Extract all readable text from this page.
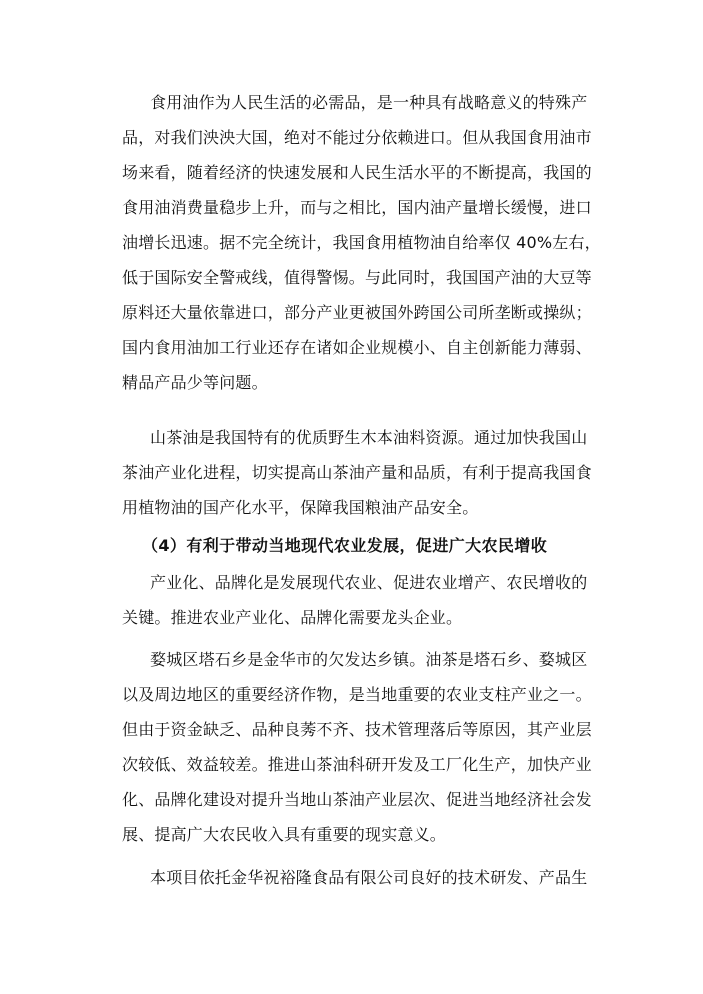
食用油作为人民生活的必需品，是一种具有战略意义的特殊产
品，对我们泱泱大国，绝对不能过分依赖进口。但从我国食用油市
场来看，随着经济的快速发展和人民生活水平的不断提高，我国的
食用油消费量稳步上升，而与之相比，国内油产量增长缓慢，进口
油增长迅速。据不完全统计，我国食用植物油自给率仅 40%左右，
低于国际安全警戒线，值得警惕。与此同时，我国国产油的大豆等
原料还大量依靠进口，部分产业更被国外跨国公司所垄断或操纵；
国内食用油加工行业还存在诸如企业规模小、自主创新能力薄弱、
精品产品少等问题。
山茶油是我国特有的优质野生木本油料资源。通过加快我国山
茶油产业化进程，切实提高山茶油产量和品质，有利于提高我国食
用植物油的国产化水平，保障我国粮油产品安全。
（4）有利于带动当地现代农业发展，促进广大农民增收
产业化、品牌化是发展现代农业、促进农业增产、农民增收的
关键。推进农业产业化、品牌化需要龙头企业。
婺城区塔石乡是金华市的欠发达乡镇。油茶是塔石乡、婺城区
以及周边地区的重要经济作物，是当地重要的农业支柱产业之一。
但由于资金缺乏、品种良莠不齐、技术管理落后等原因，其产业层
次较低、效益较差。推进山茶油科研开发及工厂化生产，加快产业
化、品牌化建设对提升当地山茶油产业层次、促进当地经济社会发
展、提高广大农民收入具有重要的现实意义。
本项目依托金华祝裕隆食品有限公司良好的技术研发、产品生
